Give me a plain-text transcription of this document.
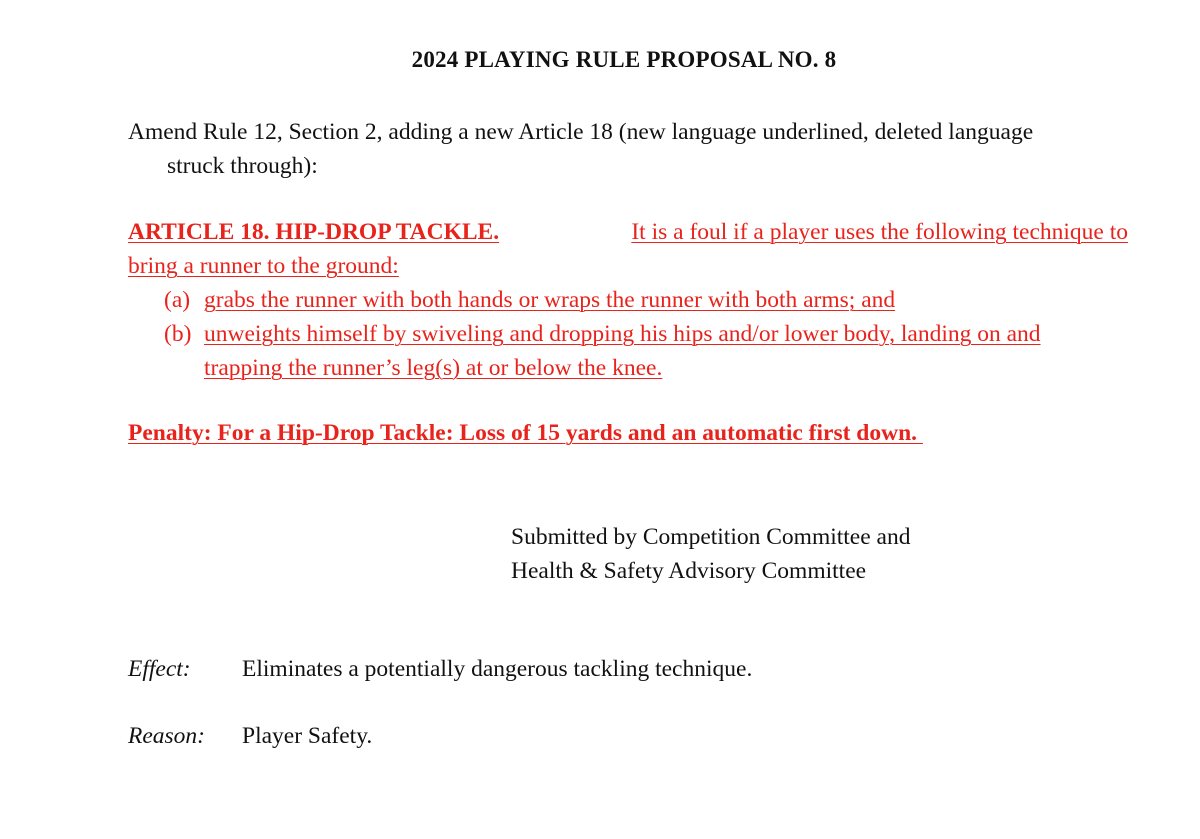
2024 PLAYING RULE PROPOSAL NO. 8
Amend Rule 12, Section 2, adding a new Article 18 (new language underlined, deleted language
struck through):
ARTICLE 18. HIP-DROP TACKLE.	It is a foul if a player uses the following technique to
bring a runner to the ground:
(a) grabs the runner with both hands or wraps the runner with both arms; and
(b) unweights himself by swiveling and dropping his hips and/or lower body, landing on and
trapping the runner’s leg(s) at or below the knee.
Penalty: For a Hip-Drop Tackle: Loss of 15 yards and an automatic first down.
Submitted by Competition Committee and
Health & Safety Advisory Committee
Effect: Eliminates a potentially dangerous tackling technique.
Reason: Player Safety.
